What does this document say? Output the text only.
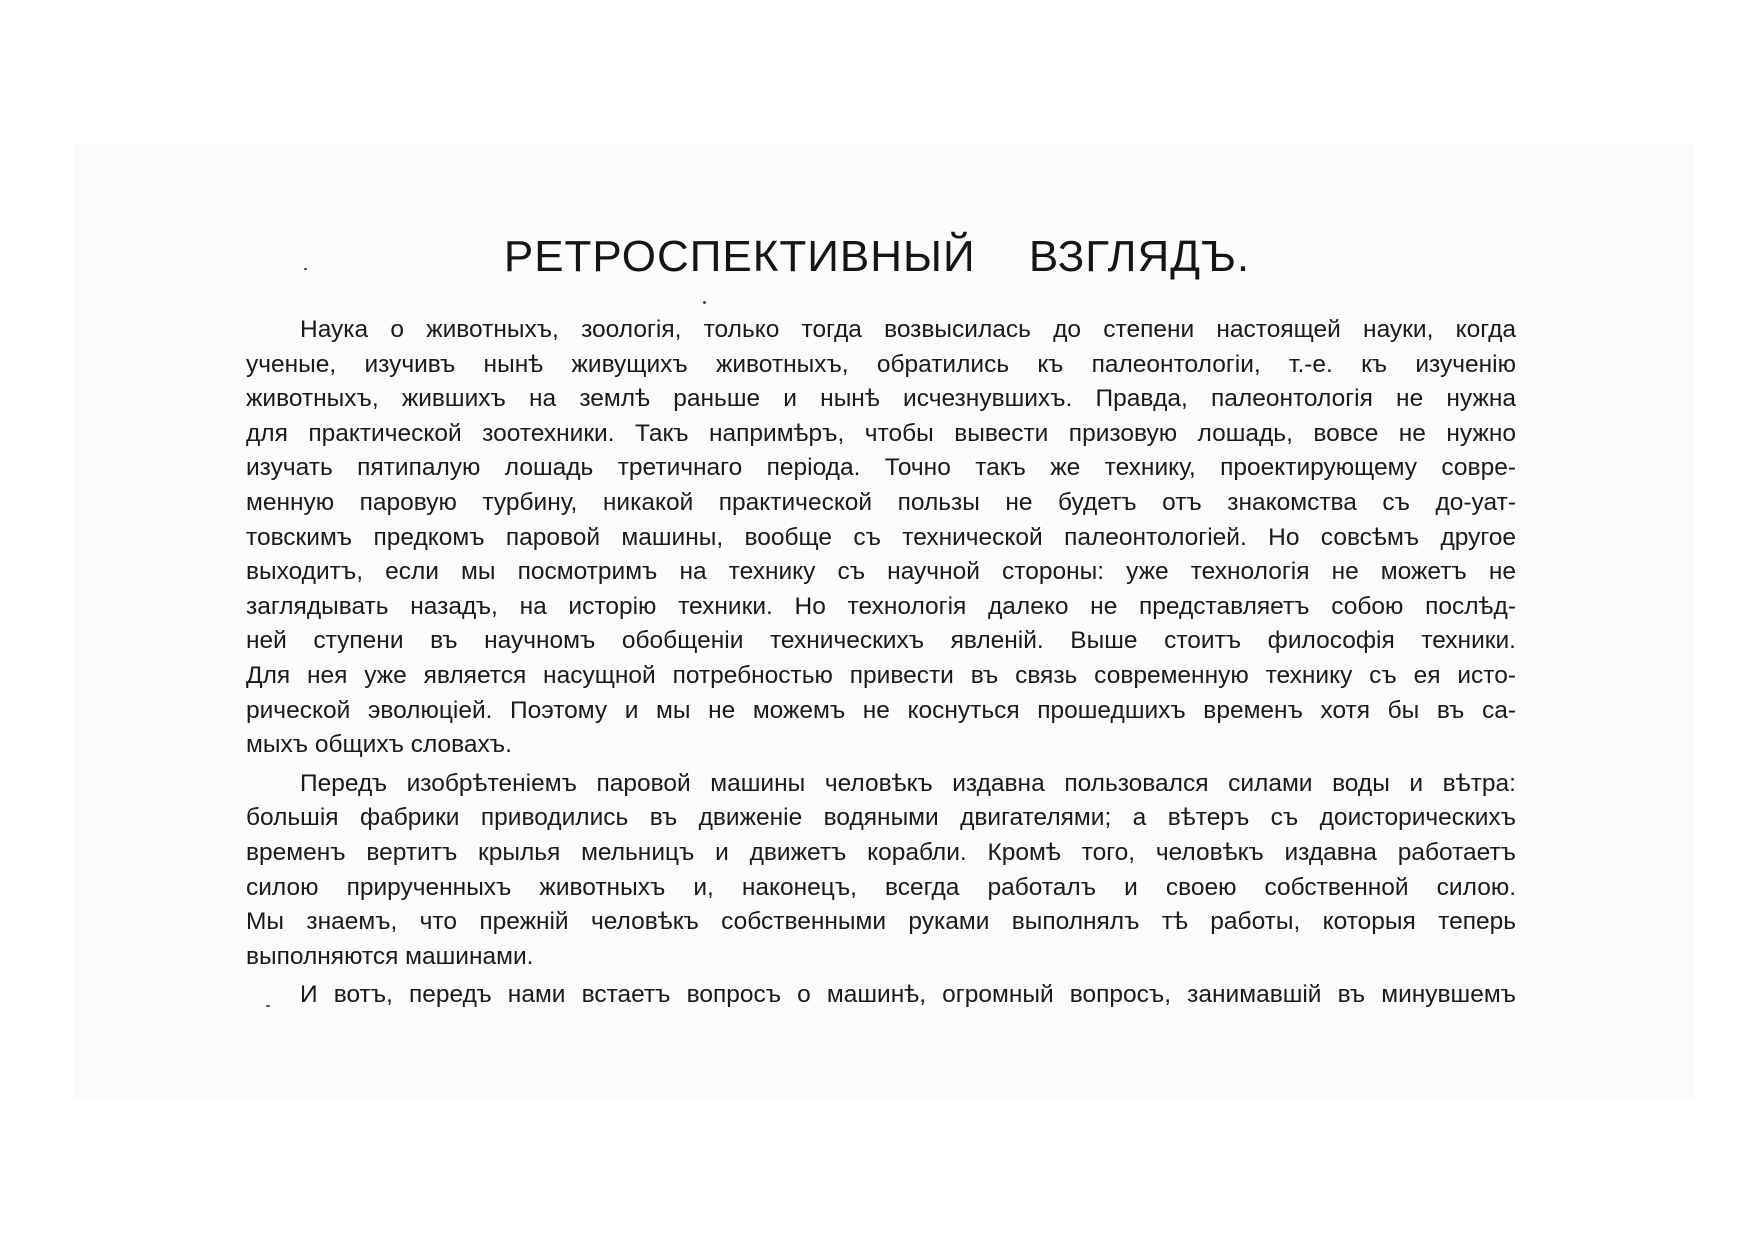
РЕТРОСПЕКТИВНЫЙ ВЗГЛЯДЪ.

Наука о животныхъ, зоологія, только тогда возвысилась до степени настоящей науки, когда
ученые, изучивъ нынѣ живущихъ животныхъ, обратились къ палеонтологіи, т.-е. къ изученію
животныхъ, жившихъ на землѣ раньше и нынѣ исчезнувшихъ. Правда, палеонтологія не нужна
для практической зоотехники. Такъ напримѣръ, чтобы вывести призовую лошадь, вовсе не нужно
изучать пятипалую лошадь третичнаго періода. Точно такъ же технику, проектирующему совре-
менную паровую турбину, никакой практической пользы не будетъ отъ знакомства съ до-уат-
товскимъ предкомъ паровой машины, вообще съ технической палеонтологіей. Но совсѣмъ другое
выходитъ, если мы посмотримъ на технику съ научной стороны: уже технологія не можетъ не
заглядывать назадъ, на исторію техники. Но технологія далеко не представляетъ собою послѣд-
ней ступени въ научномъ обобщеніи техническихъ явленій. Выше стоитъ философія техники.
Для нея уже является насущной потребностью привести въ связь современную технику съ ея исто-
рической эволюціей. Поэтому и мы не можемъ не коснуться прошедшихъ временъ хотя бы въ са-
мыхъ общихъ словахъ.

Передъ изобрѣтеніемъ паровой машины человѣкъ издавна пользовался силами воды и вѣтра:
большія фабрики приводились въ движеніе водяными двигателями; а вѣтеръ съ доисторическихъ
временъ вертитъ крылья мельницъ и движетъ корабли. Кромѣ того, человѣкъ издавна работаетъ
силою прирученныхъ животныхъ и, наконецъ, всегда работалъ и своею собственной силою.
Мы знаемъ, что прежній человѣкъ собственными руками выполнялъ тѣ работы, которыя теперь
выполняются машинами.

И вотъ, передъ нами встаетъ вопросъ о машинѣ, огромный вопросъ, занимавшій въ минувшемъ
